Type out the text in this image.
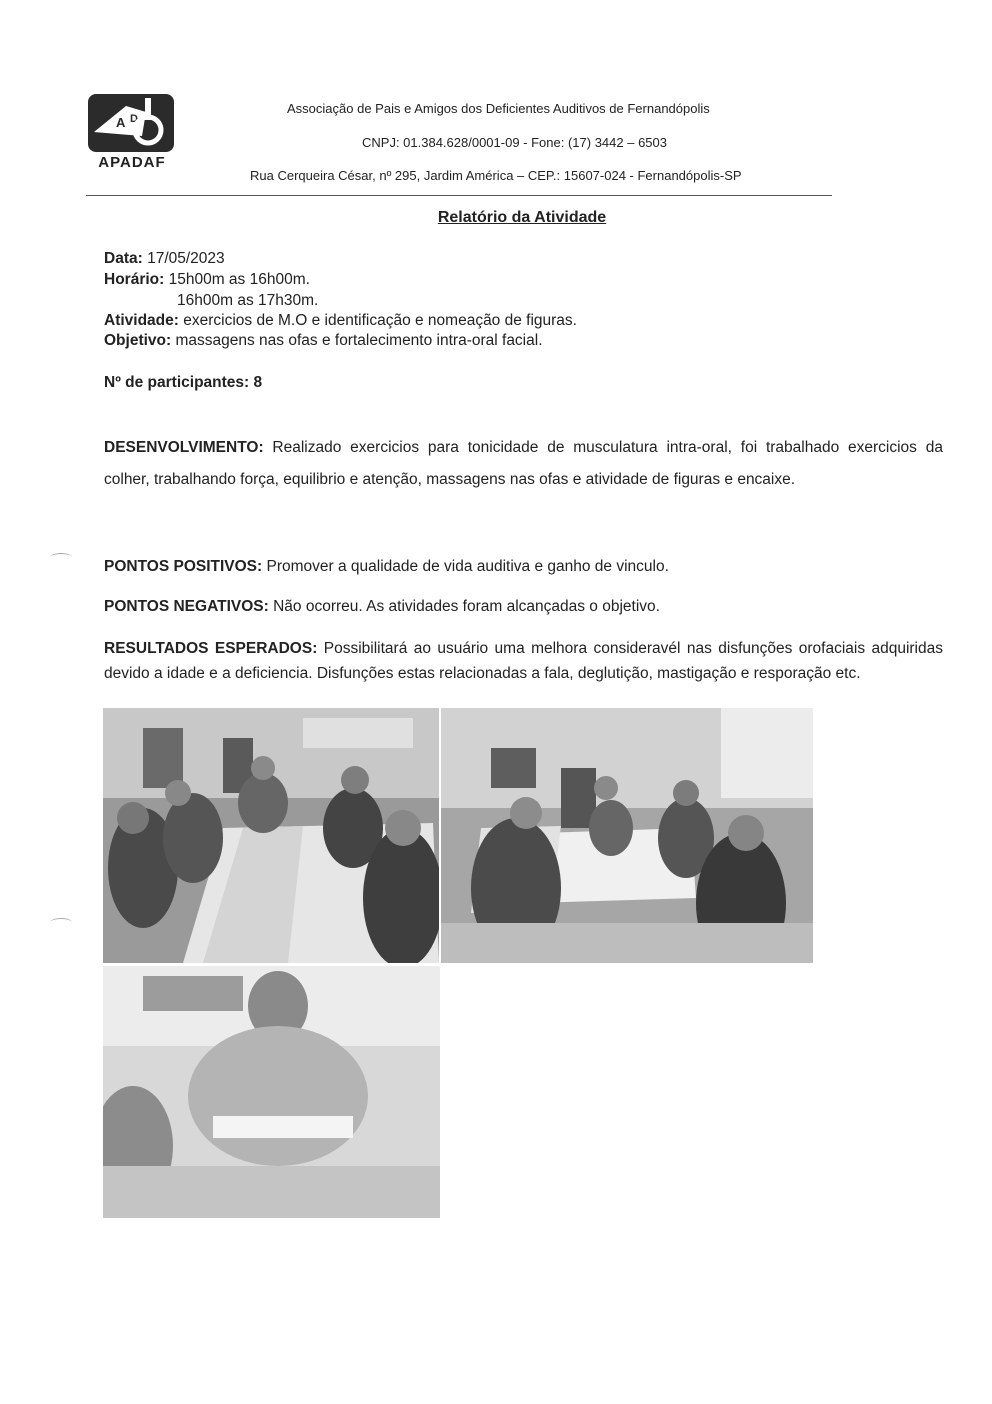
A D
APADAF
Associação de Pais e Amigos dos Deficientes Auditivos de Fernandópolis
CNPJ: 01.384.628/0001-09 - Fone: (17) 3442 – 6503
Rua Cerqueira César, nº 295, Jardim América – CEP.: 15607-024 - Fernandópolis-SP
Relatório da Atividade
Data: 17/05/2023
Horário: 15h00m as 16h00m.
16h00m as 17h30m.
Atividade: exercicios de M.O e identificação e nomeação de figuras.
Objetivo: massagens nas ofas e fortalecimento intra-oral facial.
Nº de participantes: 8
DESENVOLVIMENTO: Realizado exercicios para tonicidade de musculatura intra-oral, foi trabalhado exercicios da colher, trabalhando força, equilibrio e atenção, massagens nas ofas e atividade de figuras e encaixe.
PONTOS POSITIVOS: Promover a qualidade de vida auditiva e ganho de vinculo.
PONTOS NEGATIVOS: Não ocorreu. As atividades foram alcançadas o objetivo.
RESULTADOS ESPERADOS: Possibilitará ao usuário uma melhora consideravél nas disfunções orofaciais adquiridas devido a idade e a deficiencia. Disfunções estas relacionadas a fala, deglutição, mastigação e resporação etc.
